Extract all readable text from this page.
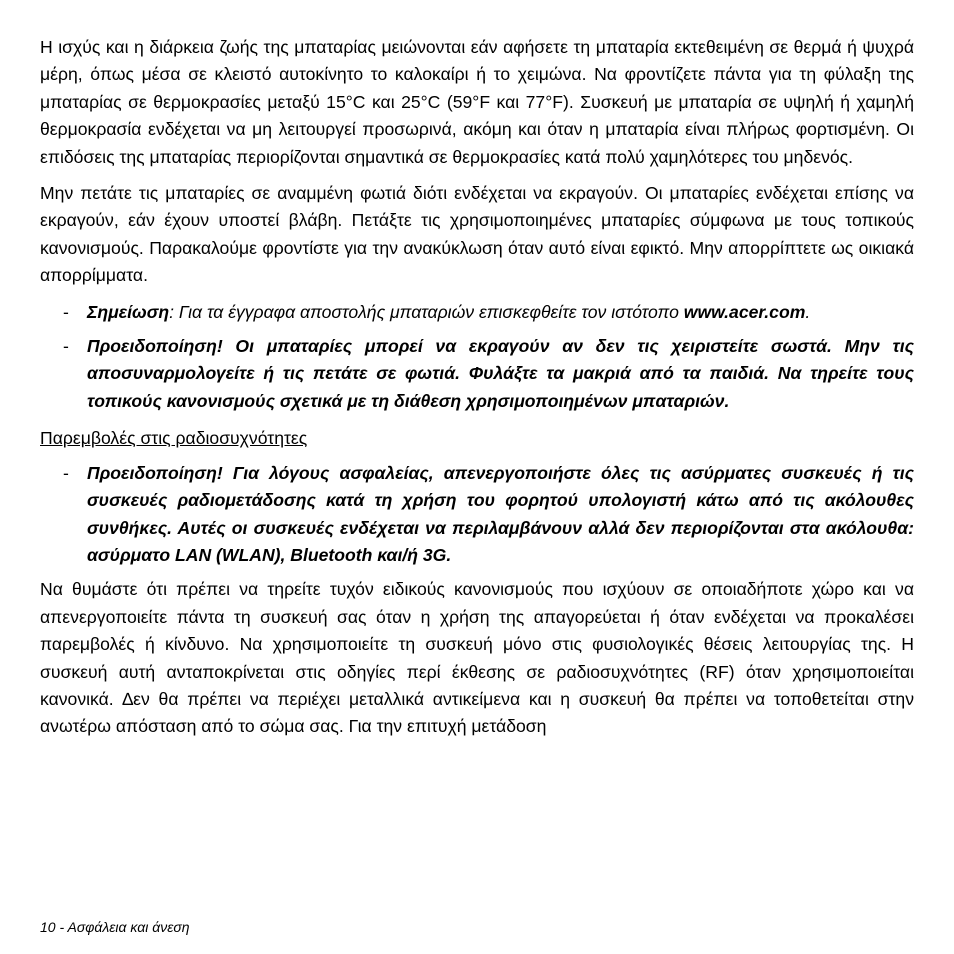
Η ισχύς και η διάρκεια ζωής της μπαταρίας μειώνονται εάν αφήσετε τη μπαταρία εκτεθειμένη σε θερμά ή ψυχρά μέρη, όπως μέσα σε κλειστό αυτοκίνητο το καλοκαίρι ή το χειμώνα. Να φροντίζετε πάντα για τη φύλαξη της μπαταρίας σε θερμοκρασίες μεταξύ 15°C και 25°C (59°F και 77°F). Συσκευή με μπαταρία σε υψηλή ή χαμηλή θερμοκρασία ενδέχεται να μη λειτουργεί προσωρινά, ακόμη και όταν η μπαταρία είναι πλήρως φορτισμένη. Οι επιδόσεις της μπαταρίας περιορίζονται σημαντικά σε θερμοκρασίες κατά πολύ χαμηλότερες του μηδενός.

Μην πετάτε τις μπαταρίες σε αναμμένη φωτιά διότι ενδέχεται να εκραγούν. Οι μπαταρίες ενδέχεται επίσης να εκραγούν, εάν έχουν υποστεί βλάβη. Πετάξτε τις χρησιμοποιημένες μπαταρίες σύμφωνα με τους τοπικούς κανονισμούς. Παρακαλούμε φροντίστε για την ανακύκλωση όταν αυτό είναι εφικτό. Μην απορρίπτετε ως οικιακά απορρίμματα.

- Σημείωση: Για τα έγγραφα αποστολής μπαταριών επισκεφθείτε τον ιστότοπο www.acer.com.
- Προειδοποίηση! Οι μπαταρίες μπορεί να εκραγούν αν δεν τις χειριστείτε σωστά. Μην τις αποσυναρμολογείτε ή τις πετάτε σε φωτιά. Φυλάξτε τα μακριά από τα παιδιά. Να τηρείτε τους τοπικούς κανονισμούς σχετικά με τη διάθεση χρησιμοποιημένων μπαταριών.
Παρεμβολές στις ραδιοσυχνότητες
- Προειδοποίηση! Για λόγους ασφαλείας, απενεργοποιήστε όλες τις ασύρματες συσκευές ή τις συσκευές ραδιομετάδοσης κατά τη χρήση του φορητού υπολογιστή κάτω από τις ακόλουθες συνθήκες. Αυτές οι συσκευές ενδέχεται να περιλαμβάνουν αλλά δεν περιορίζονται στα ακόλουθα: ασύρματο LAN (WLAN), Bluetooth και/ή 3G.

Να θυμάστε ότι πρέπει να τηρείτε τυχόν ειδικούς κανονισμούς που ισχύουν σε οποιαδήποτε χώρο και να απενεργοποιείτε πάντα τη συσκευή σας όταν η χρήση της απαγορεύεται ή όταν ενδέχεται να προκαλέσει παρεμβολές ή κίνδυνο. Να χρησιμοποιείτε τη συσκευή μόνο στις φυσιολογικές θέσεις λειτουργίας της. Η συσκευή αυτή ανταποκρίνεται στις οδηγίες περί έκθεσης σε ραδιοσυχνότητες (RF) όταν χρησιμοποιείται κανονικά. ∆εν θα πρέπει να περιέχει μεταλλικά αντικείμενα και η συσκευή θα πρέπει να τοποθετείται στην ανωτέρω απόσταση από το σώμα σας. Για την επιτυχή μετάδοση

10 - Ασφάλεια και άνεση
